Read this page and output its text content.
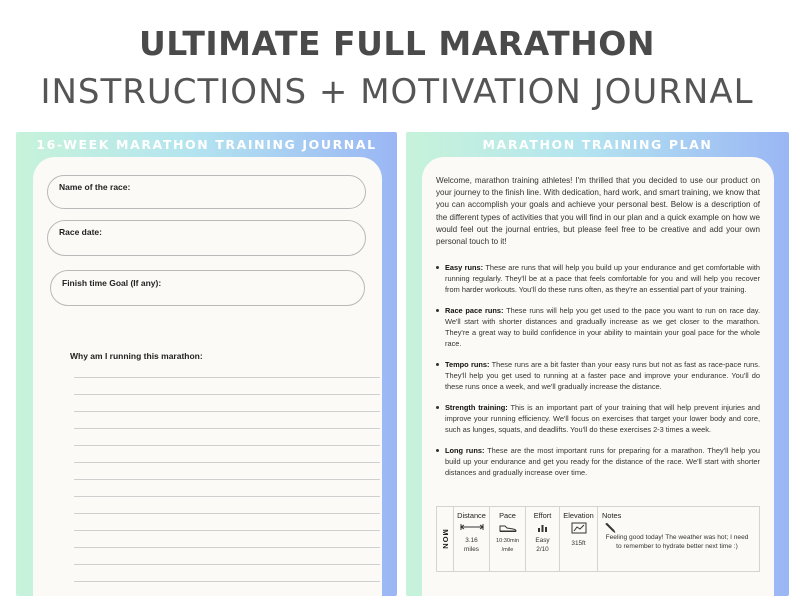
ULTIMATE FULL MARATHON
INSTRUCTIONS + MOTIVATION JOURNAL
16-WEEK MARATHON TRAINING JOURNAL
Name of the race:
Race date:
Finish time Goal (If any):
Why am I running this marathon:
MARATHON TRAINING PLAN
Welcome, marathon training athletes! I'm thrilled that you decided to use our product on your journey to the finish line. With dedication, hard work, and smart training, we know that you can accomplish your goals and achieve your personal best. Below is a description of the different types of activities that you will find in our plan and a quick example on how we would feel out the journal entries, but please feel free to be creative and add your own personal touch to it!
Easy runs: These are runs that will help you build up your endurance and get comfortable with running regularly. They'll be at a pace that feels comfortable for you and will help you recover from harder workouts. You'll do these runs often, as they're an essential part of your training.
Race pace runs: These runs will help you get used to the pace you want to run on race day. We'll start with shorter distances and gradually increase as we get closer to the marathon. They're a great way to build confidence in your ability to maintain your goal pace for the whole race.
Tempo runs: These runs are a bit faster than your easy runs but not as fast as race-pace runs. They'll help you get used to running at a faster pace and improve your endurance. You'll do these runs once a week, and we'll gradually increase the distance.
Strength training: This is an important part of your training that will help prevent injuries and improve your running efficiency. We'll focus on exercises that target your lower body and core, such as lunges, squats, and deadlifts. You'll do these exercises 2-3 times a week.
Long runs: These are the most important runs for preparing for a marathon. They'll help you build up your endurance and get you ready for the distance of the race. We'll start with shorter distances and gradually increase over time.
MON
Distance
3.16
miles
Pace
10:30min
/mile
Effort
Easy
2/10
Elevation
315ft
Notes
Feeling good today! The weather was hot; I need to remember to hydrate better next time :)
